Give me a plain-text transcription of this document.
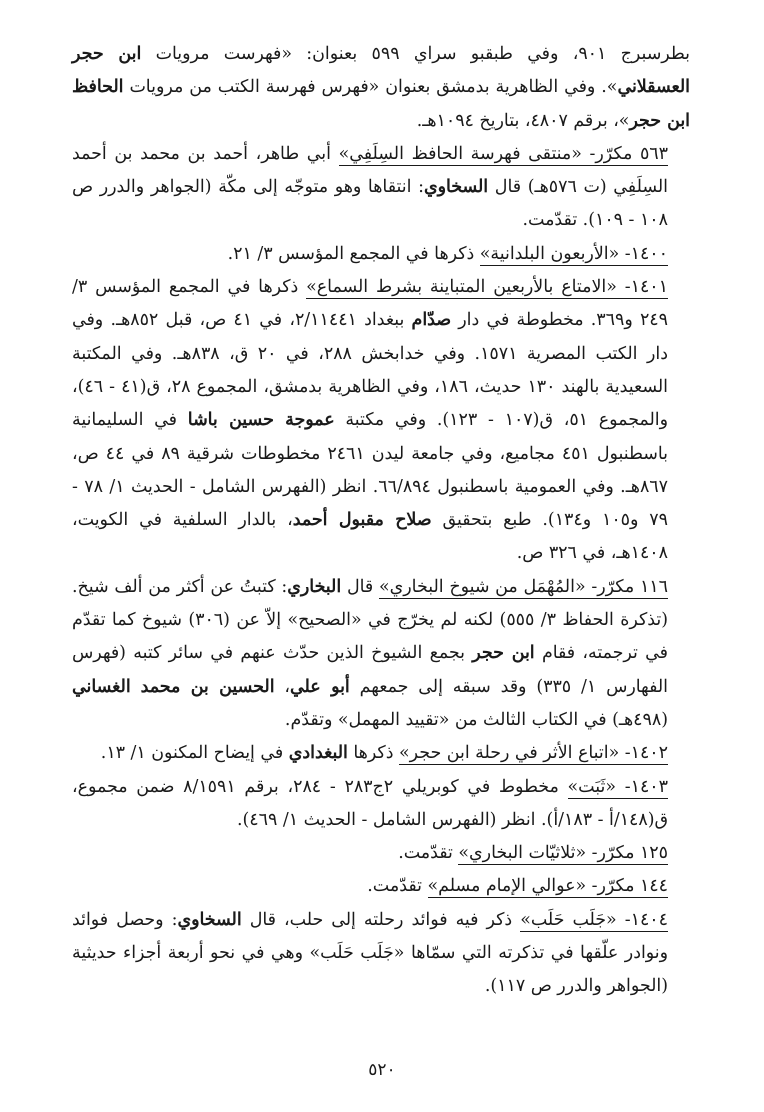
بطرسبرج ٩٠١، وفي طبقبو سراي ٥٩٩ بعنوان: «فهرست مرويات ابن حجر العسقلاني». وفي الظاهرية بدمشق بعنوان «فهرس فهرسة الكتب من مرويات الحافظ ابن حجر»، برقم ٤٨٠٧، بتاريخ ١٠٩٤هـ.

٥٦٣ مكرّر- «منتقى فهرسة الحافظ السِلَفِي» أبي طاهر، أحمد بن محمد بن أحمد السِلَفِي (ت ٥٧٦هـ) قال السخاوي: انتقاها وهو متوجّه إلى مكّة (الجواهر والدرر ص ١٠٨ - ١٠٩). تقدّمت.

١٤٠٠- «الأربعون البلدانية» ذكرها في المجمع المؤسس ٣/ ٢١.

١٤٠١- «الامتاع بالأربعين المتباينة بشرط السماع» ذكرها في المجمع المؤسس ٣/ ٢٤٩ و٣٦٩. مخطوطة في دار صدّام ببغداد ٢/١١٤٤١، في ٤١ ص، قبل ٨٥٢هـ. وفي دار الكتب المصرية ١٥٧١. وفي خدابخش ٢٨٨، في ٢٠ ق، ٨٣٨هـ. وفي المكتبة السعيدية بالهند ١٣٠ حديث، ١٨٦، وفي الظاهرية بدمشق، المجموع ٢٨، ق(٤١ - ٤٦)، والمجموع ٥١، ق(١٠٧ - ١٢٣). وفي مكتبة عموجة حسين باشا في السليمانية باسطنبول ٤٥١ مجاميع، وفي جامعة ليدن ٢٤٦١ مخطوطات شرقية ٨٩ في ٤٤ ص، ٨٦٧هـ. وفي العمومية باسطنبول ٦٦/٨٩٤. انظر (الفهرس الشامل - الحديث ١/ ٧٨ - ٧٩ و١٠٥ و١٣٤). طبع بتحقيق صلاح مقبول أحمد، بالدار السلفية في الكويت، ١٤٠٨هـ، في ٣٢٦ ص.

١١٦ مكرّر- «المُهْمَل من شيوخ البخاري» قال البخاري: كتبتُ عن أكثر من ألف شيخ. (تذكرة الحفاظ ٣/ ٥٥٥) لكنه لم يخرّج في «الصحيح» إلاّ عن (٣٠٦) شيوخ كما تقدّم في ترجمته، فقام ابن حجر بجمع الشيوخ الذين حدّث عنهم في سائر كتبه (فهرس الفهارس ١/ ٣٣٥) وقد سبقه إلى جمعهم أبو علي، الحسين بن محمد الغساني (٤٩٨هـ) في الكتاب الثالث من «تقييد المهمل» وتقدّم.

١٤٠٢- «اتباع الأثر في رحلة ابن حجر» ذكرها البغدادي في إيضاح المكنون ١/ ١٣.

١٤٠٣- «ثَبَت» مخطوط في كوبريلي ٢ج٢٨٣ - ٢٨٤، برقم ٨/١٥٩١ ضمن مجموع، ق(١٤٨/أ - ١٨٣/أ). انظر (الفهرس الشامل - الحديث ١/ ٤٦٩).

١٢٥ مكرّر- «ثلاثيّات البخاري» تقدّمت.

١٤٤ مكرّر- «عوالي الإمام مسلم» تقدّمت.

١٤٠٤- «جَلَب حَلَب» ذكر فيه فوائد رحلته إلى حلب، قال السخاوي: وحصل فوائد ونوادر علّقها في تذكرته التي سمّاها «جَلَب حَلَب» وهي في نحو أربعة أجزاء حديثية (الجواهر والدرر ص ١١٧).

٥٢٠
